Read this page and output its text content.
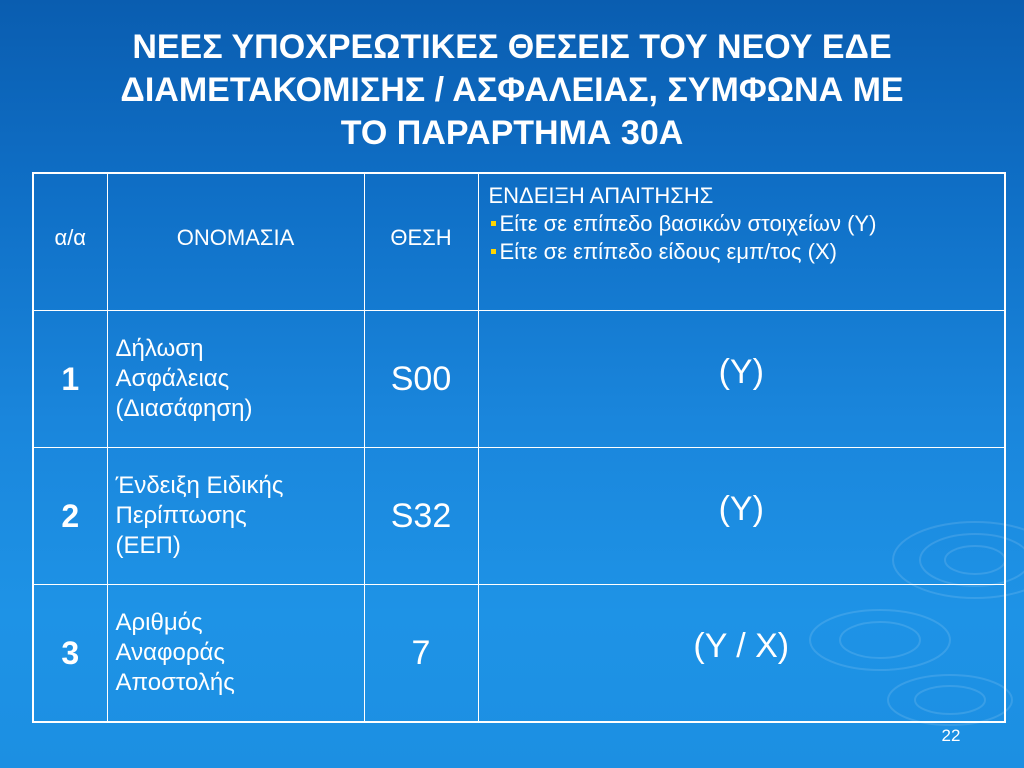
ΝΕΕΣ ΥΠΟΧΡΕΩΤΙΚΕΣ ΘΕΣΕΙΣ ΤΟΥ ΝΕΟΥ ΕΔΕ
ΔΙΑΜΕΤΑΚΟΜΙΣΗΣ / ΑΣΦΑΛΕΙΑΣ, ΣΥΜΦΩΝΑ ΜΕ
ΤΟ ΠΑΡΑΡΤΗΜΑ 30Α
α/α	ΟΝΟΜΑΣΙΑ	ΘΕΣΗ	ΕΝΔΕΙΞΗ ΑΠΑΙΤΗΣΗΣ
Είτε σε επίπεδο βασικών στοιχείων (Y)
Είτε σε επίπεδο είδους εμπ/τος (X)

1	Δήλωση
Ασφάλειας
(Διασάφηση)	S00	(Y)
2	Ένδειξη Ειδικής
Περίπτωσης
(ΕΕΠ)	S32	(Y)
3	Αριθμός
Αναφοράς
Αποστολής	7	(Y / X)
22
